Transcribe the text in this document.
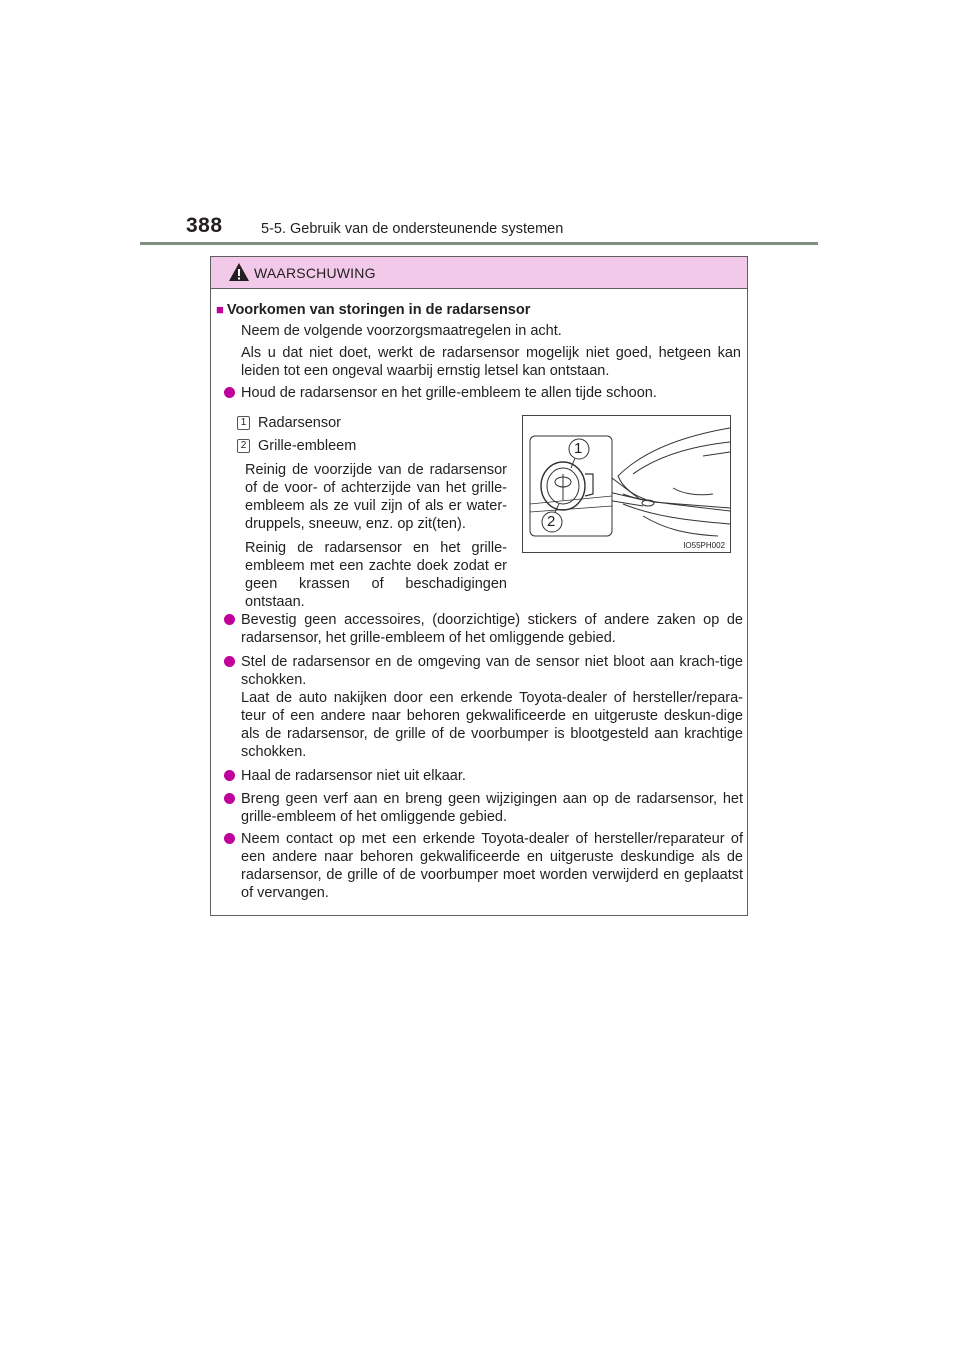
388	5-5. Gebruik van de ondersteunende systemen
WAARSCHUWING
■ Voorkomen van storingen in de radarsensor
Neem de volgende voorzorgsmaatregelen in acht.
Als u dat niet doet, werkt de radarsensor mogelijk niet goed, hetgeen kan leiden tot een ongeval waarbij ernstig letsel kan ontstaan.
Houd de radarsensor en het grille-embleem te allen tijde schoon.
1 Radarsensor
2 Grille-embleem
Reinig de voorzijde van de radarsensor of de voor- of achterzijde van het grille-embleem als ze vuil zijn of als er water-druppels, sneeuw, enz. op zit(ten).
Reinig de radarsensor en het grille-embleem met een zachte doek zodat er geen krassen of beschadigingen ontstaan.
Bevestig geen accessoires, (doorzichtige) stickers of andere zaken op de radarsensor, het grille-embleem of het omliggende gebied.
Stel de radarsensor en de omgeving van de sensor niet bloot aan krach-tige schokken.
Laat de auto nakijken door een erkende Toyota-dealer of hersteller/repara-teur of een andere naar behoren gekwalificeerde en uitgeruste deskun-dige als de radarsensor, de grille of de voorbumper is blootgesteld aan krachtige schokken.
Haal de radarsensor niet uit elkaar.
Breng geen verf aan en breng geen wijzigingen aan op de radarsensor, het grille-embleem of het omliggende gebied.
Neem contact op met een erkende Toyota-dealer of hersteller/reparateur of een andere naar behoren gekwalificeerde en uitgeruste deskundige als de radarsensor, de grille of de voorbumper moet worden verwijderd en geplaatst of vervangen.
1
2
IO55PH002
